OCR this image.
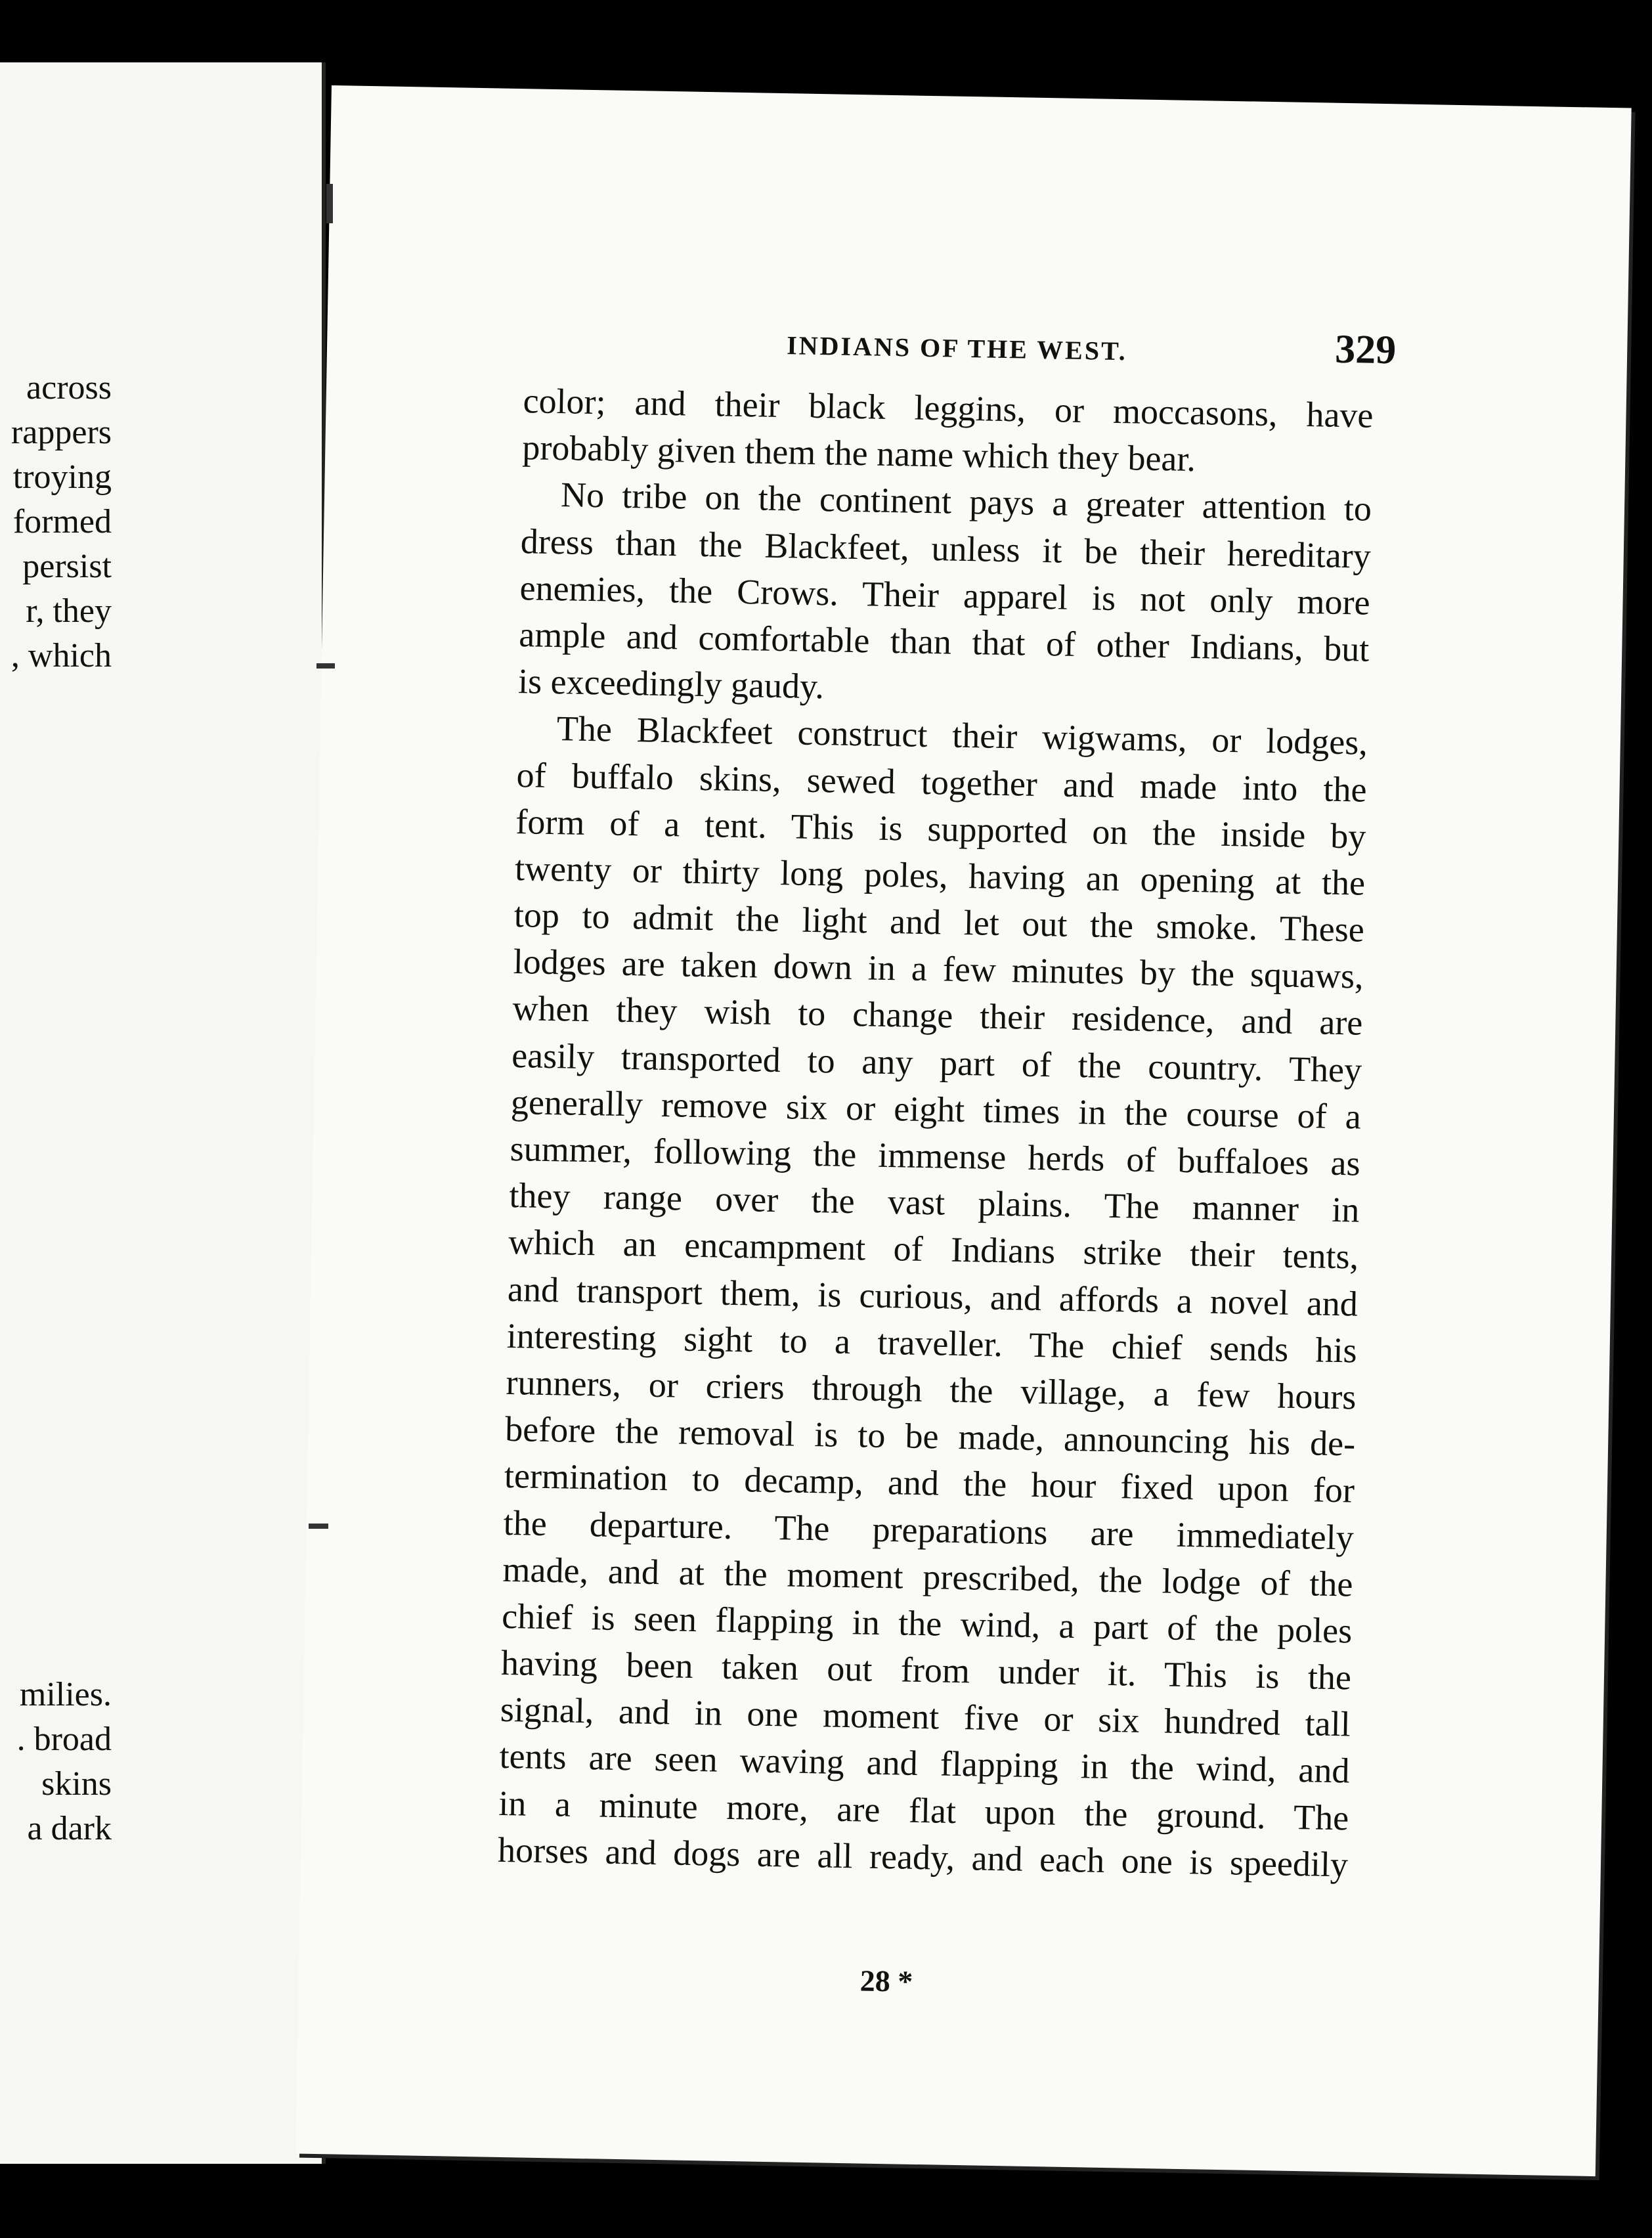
across
rappers
troying
formed
persist
r, they
, which
milies.
. broad
skins
a dark
INDIANS OF THE WEST.	329
color; and their black leggins, or moccasons, have
probably given them the name which they bear.
No tribe on the continent pays a greater attention to
dress than the Blackfeet, unless it be their hereditary
enemies, the Crows. Their apparel is not only more
ample and comfortable than that of other Indians, but
is exceedingly gaudy.
The Blackfeet construct their wigwams, or lodges,
of buffalo skins, sewed together and made into the
form of a tent. This is supported on the inside by
twenty or thirty long poles, having an opening at the
top to admit the light and let out the smoke. These
lodges are taken down in a few minutes by the squaws,
when they wish to change their residence, and are
easily transported to any part of the country. They
generally remove six or eight times in the course of a
summer, following the immense herds of buffaloes as
they range over the vast plains. The manner in
which an encampment of Indians strike their tents,
and transport them, is curious, and affords a novel and
interesting sight to a traveller. The chief sends his
runners, or criers through the village, a few hours
before the removal is to be made, announcing his de-
termination to decamp, and the hour fixed upon for
the departure. The preparations are immediately
made, and at the moment prescribed, the lodge of the
chief is seen flapping in the wind, a part of the poles
having been taken out from under it. This is the
signal, and in one moment five or six hundred tall
tents are seen waving and flapping in the wind, and
in a minute more, are flat upon the ground. The
horses and dogs are all ready, and each one is speedily
28 *
